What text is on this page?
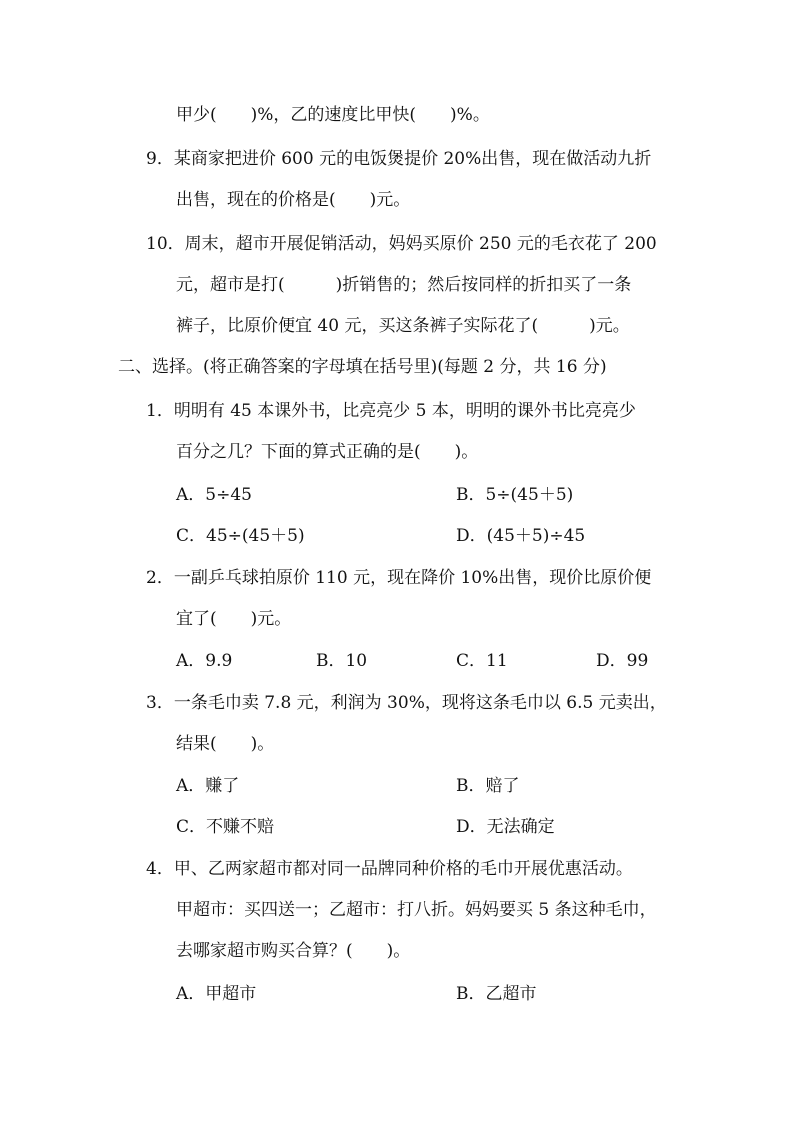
甲少(　　)%，乙的速度比甲快(　　)%。
9．某商家把进价 600 元的电饭煲提价 20%出售，现在做活动九折
出售，现在的价格是(　　)元。
10．周末，超市开展促销活动，妈妈买原价 250 元的毛衣花了 200
元，超市是打(　　　)折销售的；然后按同样的折扣买了一条
裤子，比原价便宜 40 元，买这条裤子实际花了(　　　)元。
二、选择。(将正确答案的字母填在括号里)(每题 2 分，共 16 分)
1．明明有 45 本课外书，比亮亮少 5 本，明明的课外书比亮亮少
百分之几？下面的算式正确的是(　　)。
A．5÷45	B．5÷(45＋5)
C．45÷(45＋5)	D．(45＋5)÷45
2．一副乒乓球拍原价 110 元，现在降价 10%出售，现价比原价便
宜了(　　)元。
A．9.9	B．10	C．11	D．99
3．一条毛巾卖 7.8 元，利润为 30%，现将这条毛巾以 6.5 元卖出，
结果(　　)。
A．赚了	B．赔了
C．不赚不赔	D．无法确定
4．甲、乙两家超市都对同一品牌同种价格的毛巾开展优惠活动。
甲超市：买四送一；乙超市：打八折。妈妈要买 5 条这种毛巾，
去哪家超市购买合算？(　　)。
A．甲超市	B．乙超市
